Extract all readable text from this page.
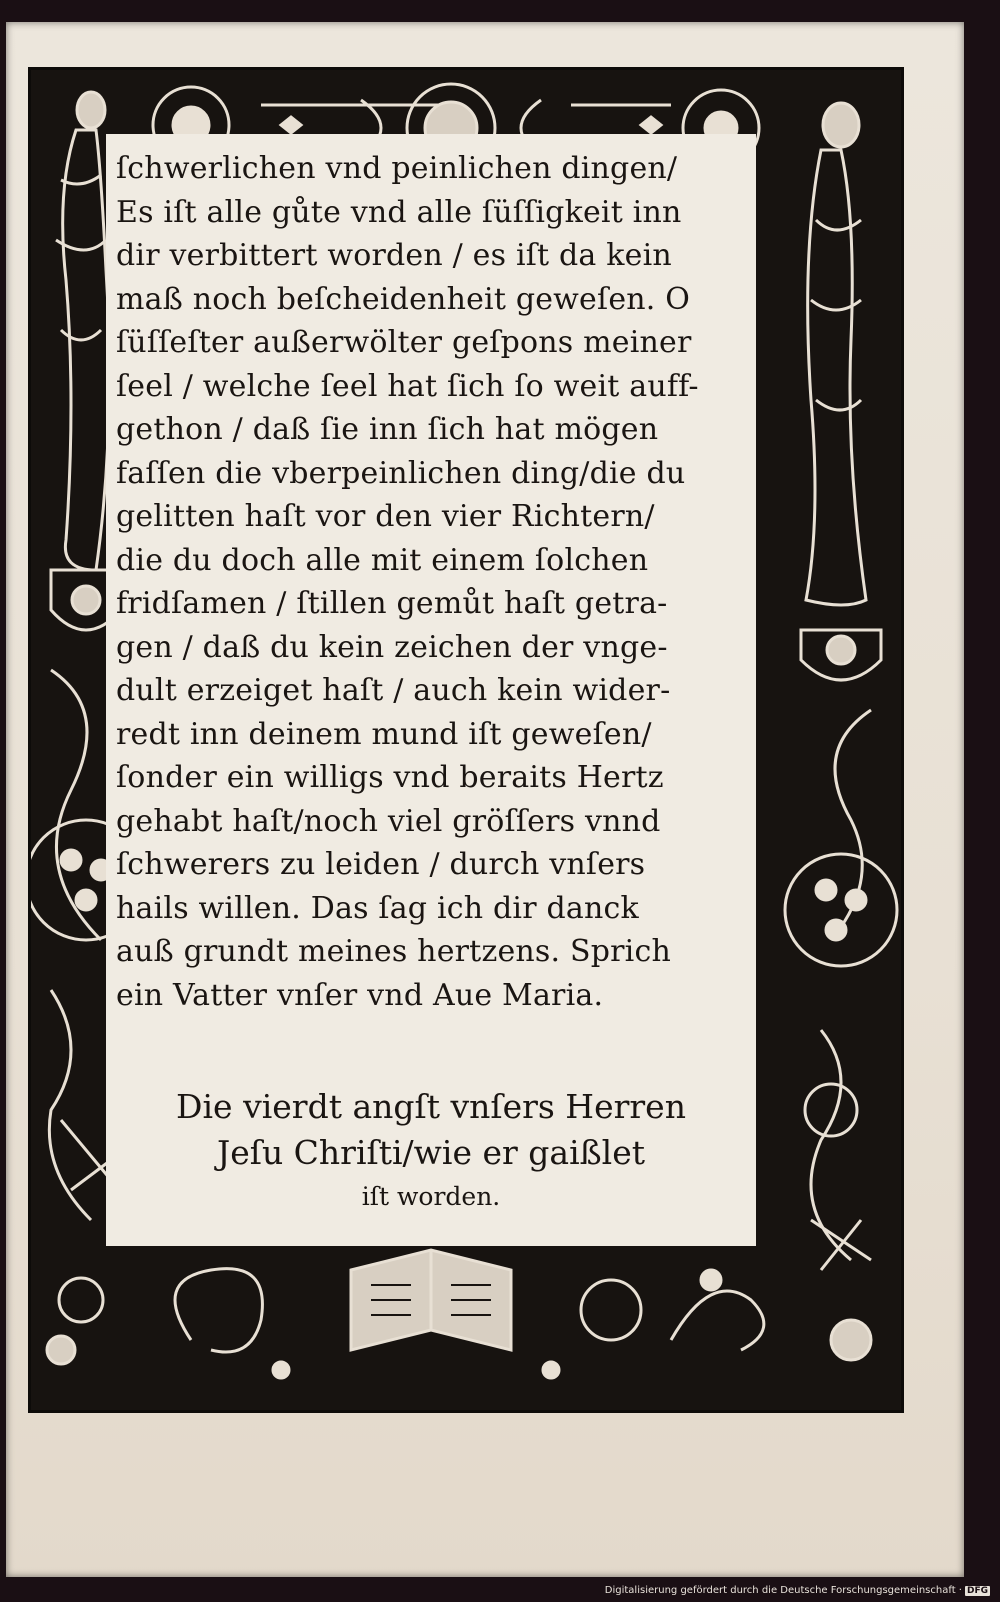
ſchwerlichen vnd peinlichen dingen/
Es iſt alle gůte vnd alle ſüſſigkeit inn
dir verbittert worden / es iſt da kein
maß noch beſcheidenheit geweſen. O
ſüſſeſter außerwölter geſpons meiner
ſeel / welche ſeel hat ſich ſo weit auff-
gethon / daß ſie inn ſich hat mögen
faſſen die vberpeinlichen ding/die du
gelitten haſt vor den vier Richtern/
die du doch alle mit einem ſolchen
fridſamen / ſtillen gemůt haſt getra-
gen / daß du kein zeichen der vnge-
dult erzeiget haſt / auch kein wider-
redt inn deinem mund iſt geweſen/
ſonder ein willigs vnd beraits Hertz
gehabt haſt/noch viel gröſſers vnnd
ſchwerers zu leiden / durch vnſers
hails willen. Das ſag ich dir danck
auß grundt meines hertzens. Sprich
ein Vatter vnſer vnd Aue Maria.
Die vierdt angſt vnſers Herren
Jeſu Chriſti/wie er gaißlet
iſt worden.
Digitalisierung gefördert durch die Deutsche Forschungsgemeinschaft · DFG
